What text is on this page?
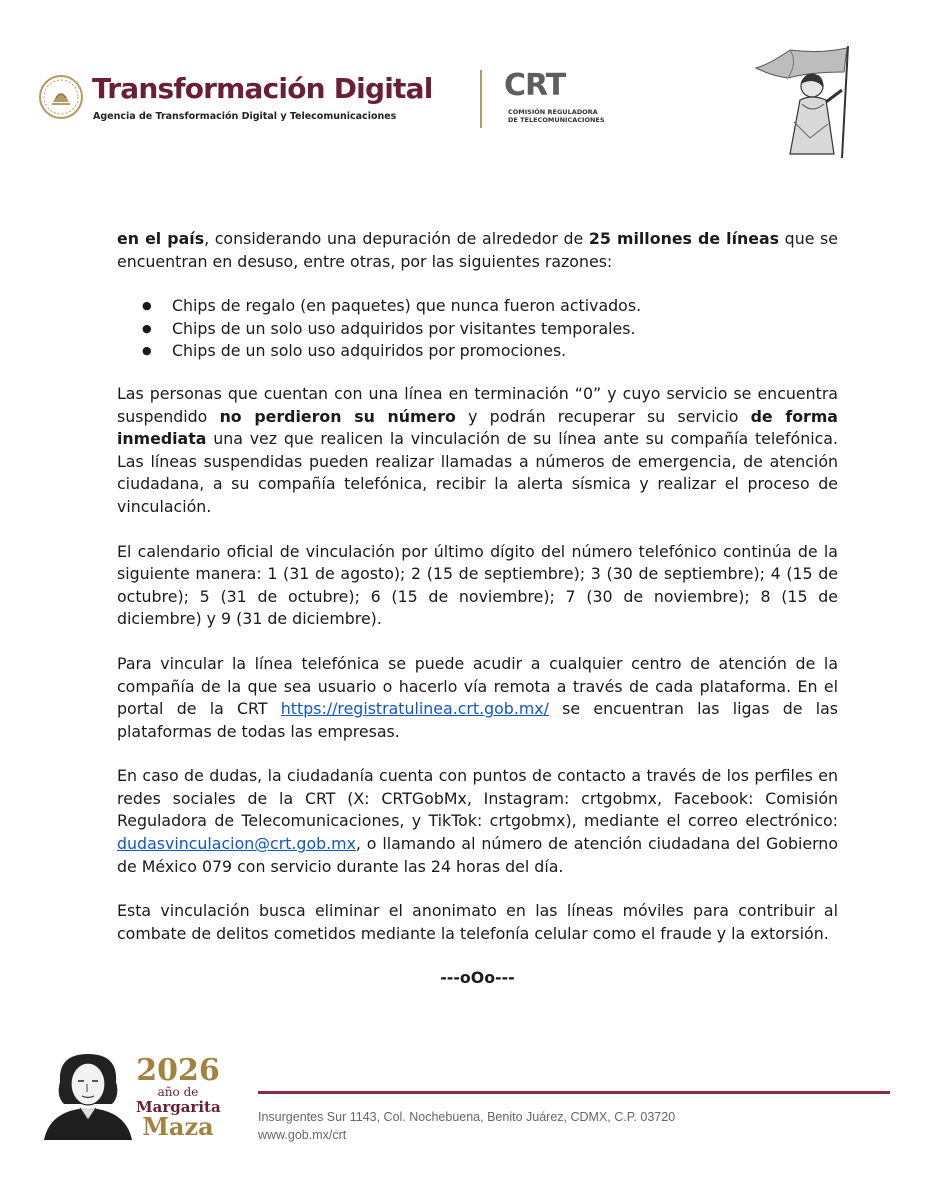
Transformación Digital
Agencia de Transformación Digital y Telecomunicaciones
CRT
COMISIÓN REGULADORA
DE TELECOMUNICACIONES

en el país, considerando una depuración de alrededor de 25 millones de líneas que se encuentran en desuso, entre otras, por las siguientes razones:

● Chips de regalo (en paquetes) que nunca fueron activados.
● Chips de un solo uso adquiridos por visitantes temporales.
● Chips de un solo uso adquiridos por promociones.

Las personas que cuentan con una línea en terminación “0” y cuyo servicio se encuentra suspendido no perdieron su número y podrán recuperar su servicio de forma inmediata una vez que realicen la vinculación de su línea ante su compañía telefónica. Las líneas suspendidas pueden realizar llamadas a números de emergencia, de atención ciudadana, a su compañía telefónica, recibir la alerta sísmica y realizar el proceso de vinculación.

El calendario oficial de vinculación por último dígito del número telefónico continúa de la siguiente manera: 1 (31 de agosto); 2 (15 de septiembre); 3 (30 de septiembre); 4 (15 de octubre); 5 (31 de octubre); 6 (15 de noviembre); 7 (30 de noviembre); 8 (15 de diciembre) y 9 (31 de diciembre).

Para vincular la línea telefónica se puede acudir a cualquier centro de atención de la compañía de la que sea usuario o hacerlo vía remota a través de cada plataforma. En el portal de la CRT https://registratulinea.crt.gob.mx/ se encuentran las ligas de las plataformas de todas las empresas.

En caso de dudas, la ciudadanía cuenta con puntos de contacto a través de los perfiles en redes sociales de la CRT (X: CRTGobMx, Instagram: crtgobmx, Facebook: Comisión Reguladora de Telecomunicaciones, y TikTok: crtgobmx), mediante el correo electrónico: dudasvinculacion@crt.gob.mx, o llamando al número de atención ciudadana del Gobierno de México 079 con servicio durante las 24 horas del día.

Esta vinculación busca eliminar el anonimato en las líneas móviles para contribuir al combate de delitos cometidos mediante la telefonía celular como el fraude y la extorsión.

---oOo---

2026
año de
Margarita
Maza	Insurgentes Sur 1143, Col. Nochebuena, Benito Juárez, CDMX, C.P. 03720
www.gob.mx/crt
